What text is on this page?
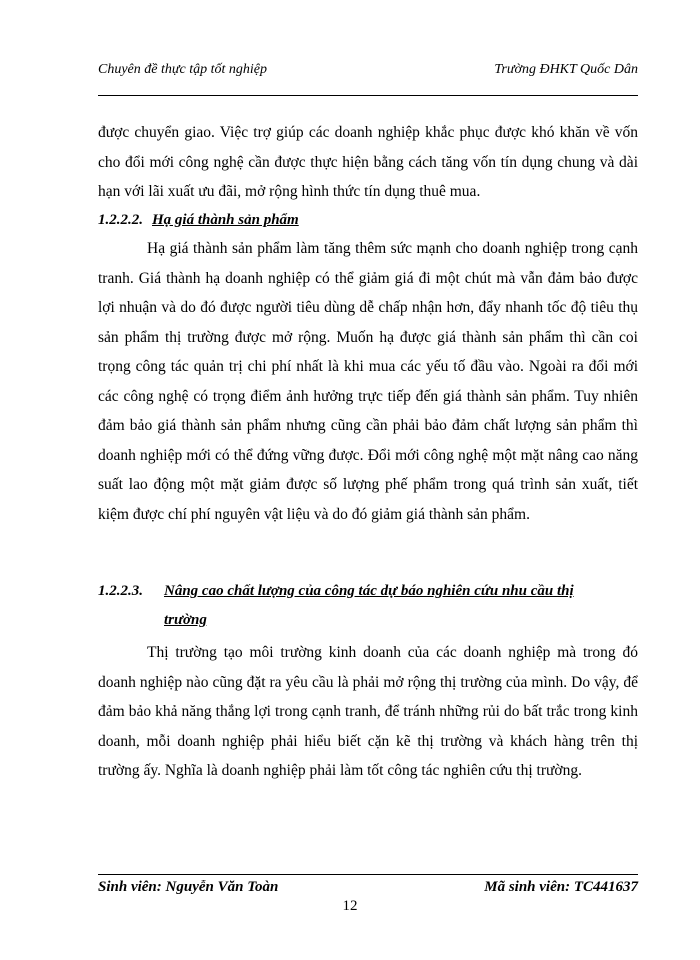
Chuyên đề thực tập tốt nghiệp	Trường ĐHKT Quốc Dân

được chuyển giao. Việc trợ giúp các doanh nghiệp khắc phục được khó khăn về vốn cho đổi mới công nghệ cần được thực hiện bằng cách tăng vốn tín dụng chung và dài hạn với lãi xuất ưu đãi, mở rộng hình thức tín dụng thuê mua.

1.2.2.2. Hạ giá thành sản phẩm

Hạ giá thành sản phẩm làm tăng thêm sức mạnh cho doanh nghiệp trong cạnh tranh. Giá thành hạ doanh nghiệp có thể giảm giá đi một chút mà vẫn đảm bảo được lợi nhuận và do đó được người tiêu dùng dễ chấp nhận hơn, đẩy nhanh tốc độ tiêu thụ sản phẩm thị trường được mở rộng. Muốn hạ được giá thành sản phẩm thì cần coi trọng công tác quản trị chi phí nhất là khi mua các yếu tố đầu vào. Ngoài ra đổi mới các công nghệ có trọng điểm ảnh hưởng trực tiếp đến giá thành sản phẩm. Tuy nhiên đảm bảo giá thành sản phẩm nhưng cũng cần phải bảo đảm chất lượng sản phẩm thì doanh nghiệp mới có thể đứng vững được. Đổi mới công nghệ một mặt nâng cao năng suất lao động một mặt giảm được số lượng phế phẩm trong quá trình sản xuất, tiết kiệm được chí phí nguyên vật liệu và do đó giảm giá thành sản phẩm.

1.2.2.3. Nâng cao chất lượng của công tác dự báo nghiên cứu nhu cầu thị
trường

Thị trường tạo môi trường kinh doanh của các doanh nghiệp mà trong đó doanh nghiệp nào cũng đặt ra yêu cầu là phải mở rộng thị trường của mình. Do vậy, để đảm bảo khả năng thắng lợi trong cạnh tranh, để tránh những rủi do bất trắc trong kinh doanh, mỗi doanh nghiệp phải hiểu biết cặn kẽ thị trường và khách hàng trên thị trường ấy. Nghĩa là doanh nghiệp phải làm tốt công tác nghiên cứu thị trường.

Sinh viên: Nguyễn Văn Toàn	Mã sinh viên: TC441637
12
